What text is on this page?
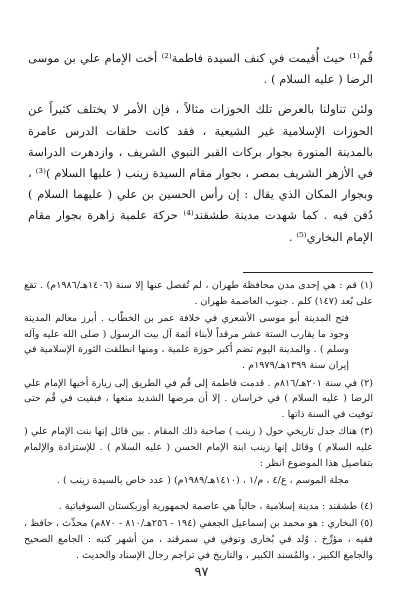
قُم⁽¹⁾ حيث أُقيمت في كنف السيدة فاطمة⁽²⁾ أخت الإمام علي بن موسى الرضا ( عليه السلام ) .

ولئن تناولنا بالعرض تلك الحوزات مثالاً ، فإن الأمر لا يختلف كثيراً عن الحوزات الإسلامية غير الشيعية ، فقد كانت حلقات الدرس عامرة بالمدينة المنورة بجوار بركات القبر النبوي الشريف ، وازدهرت الدراسة في الأزهر الشريف بمصر ، بجوار مقام السيدة زينب ( عليها السلام )⁽³⁾ ، وبجوار المكان الذي يقال : إن رأس الحسين بن علي ( عليهما السلام ) دُفن فيه . كما شهدت مدينة طشقند⁽⁴⁾ حركة علمية زاهرة بجوار مقام الإمام البخاري⁽⁵⁾ .

(١) قم : هي إحدى مدن محافظة طهران ، لم تُفصل عنها إلا سنة (١٤٠٦هـ/١٩٨٦م) . تقع على بُعد (١٤٧) كلم . جنوب العاصمة طهران .

فتح المدينة أبو موسى الأشعري في خلافة عمر بن الخطّاب . أبرز معالم المدينة وجود ما يقارب الستة عشر مرقداً لأبناء أئمة آل بيت الرسول ( صلى الله عليه وآله وسلم ) . والمدينة اليوم تضم أكبر حوزة علمية ، ومنها انطلقت الثورة الإسلامية في إيران سنة ١٣٩٩هـ/١٩٧٩م .

(٢) في سنة ٢٠١هـ/٨١٦م . قدمت فاطمة إلى قُم في الطريق إلى زيارة أخيها الإمام علي الرضا ( عليه السلام ) في خراسان . إلا أن مرضها الشديد منعها ، فبقيت في قُم حتى توفيت في السنة ذاتها .

(٣) هناك جدل تاريخي حول ( زينب ) صاحبة ذلك المقام . بين قائل إنها بنت الإمام علي ( عليه السلام ) وقائل إنها زينب ابنة الإمام الحسن ( عليه السلام ) . للإستزادة والإلمام بتفاصيل هذا الموضوع انظر :

مجلة الموسم ، ع/٤ ، م/١ ، (١٤١٠هـ/١٩٨٩م) ( عدد خاص بالسيدة زينب ) .

(٤) طشقند : مدينة إسلامية ، حالياً هي عاصمة لجمهورية أوزبكستان السوفياتية .

(٥) البخاري : هو محمد بن إسماعيل الجعفي (١٩٤ - ٢٥٦هـ/٨١٠ - ٨٧٠م) محدِّث ، حافظ ، فقيه ، مؤرِّخ . وُلد في بُخارى وتوفي في سمرقند ، من أشهر كتبه : الجامع الصحيح والجامع الكبير ، والمُسند الكبير ، والتاريخ في تراجم رجال الإسناد والحديث .

٩٧
